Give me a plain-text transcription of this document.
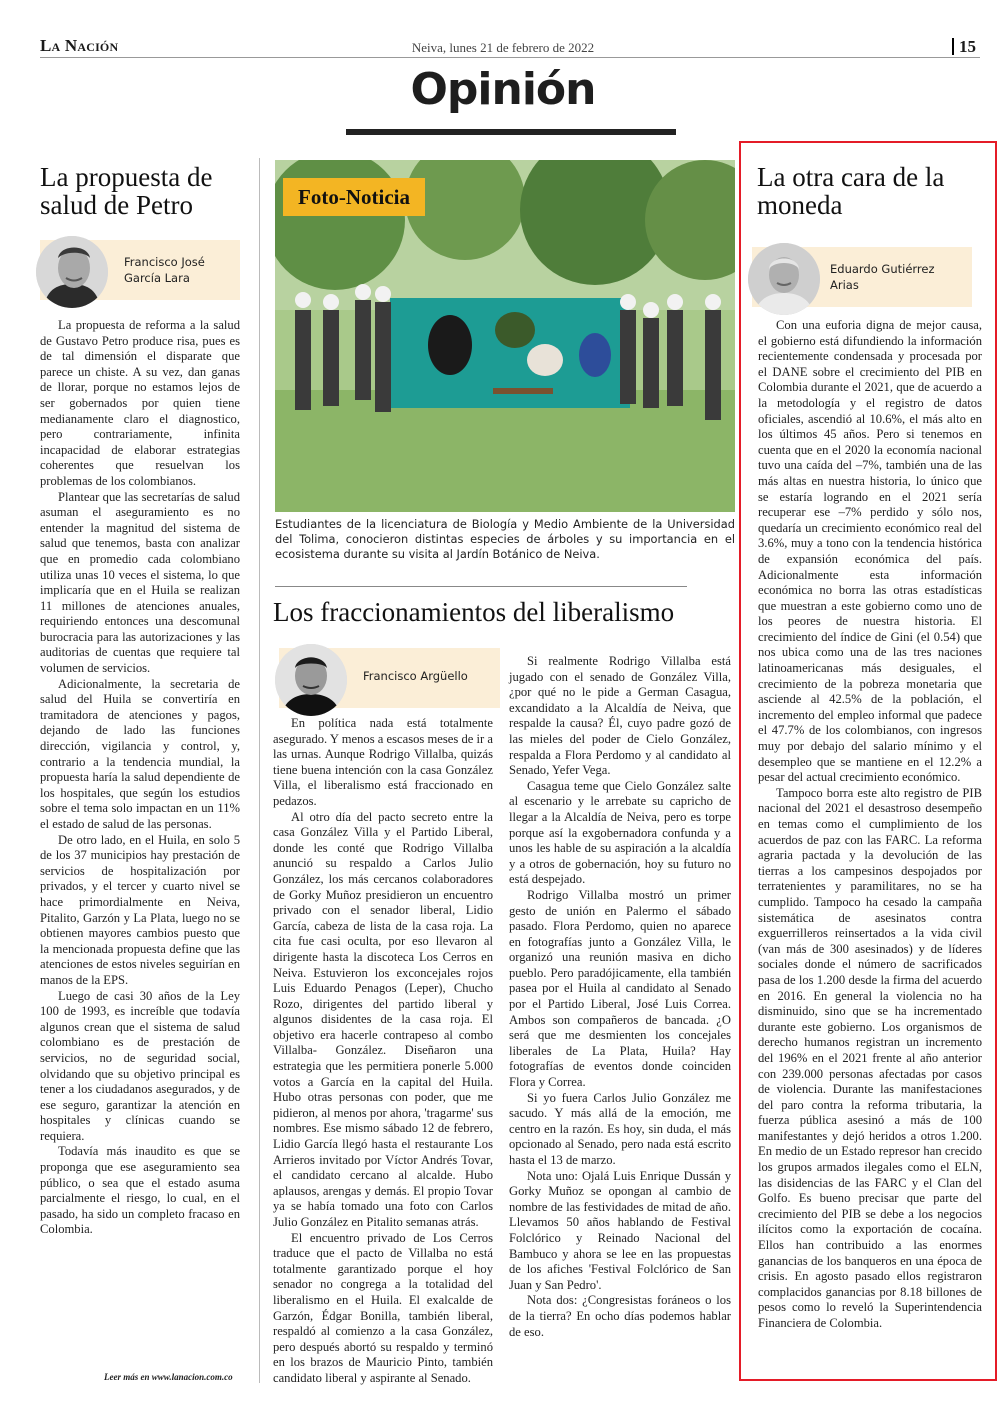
La Nación	Neiva, lunes 21 de febrero de 2022	15
Opinión
La propuesta de salud de Petro
Francisco José García Lara

La propuesta de reforma a la salud de Gustavo Petro produce risa, pues es de tal dimensión el disparate que parece un chiste. A su vez, dan ganas de llorar, porque no estamos lejos de ser gobernados por quien tiene medianamente claro el diagnostico, pero contrariamente, infinita incapacidad de elaborar estrategias coherentes que resuelvan los problemas de los colombianos.

Plantear que las secretarías de salud asuman el aseguramiento es no entender la magnitud del sistema de salud que tenemos, basta con analizar que en promedio cada colombiano utiliza unas 10 veces el sistema, lo que implicaría que en el Huila se realizan 11 millones de atenciones anuales, requiriendo entonces una descomunal burocracia para las autorizaciones y las auditorias de cuentas que requiere tal volumen de servicios.

Adicionalmente, la secretaria de salud del Huila se convertiría en tramitadora de atenciones y pagos, dejando de lado las funciones dirección, vigilancia y control, y, contrario a la tendencia mundial, la propuesta haría la salud dependiente de los hospitales, que según los estudios sobre el tema solo impactan en un 11% el estado de salud de las personas.

De otro lado, en el Huila, en solo 5 de los 37 municipios hay prestación de servicios de hospitalización por privados, y el tercer y cuarto nivel se hace primordialmente en Neiva, Pitalito, Garzón y La Plata, luego no se obtienen mayores cambios puesto que la mencionada propuesta define que las atenciones de estos niveles seguirían en manos de la EPS.

Luego de casi 30 años de la Ley 100 de 1993, es increíble que todavía algunos crean que el sistema de salud colombiano es de prestación de servicios, no de seguridad social, olvidando que su objetivo principal es tener a los ciudadanos asegurados, y de ese seguro, garantizar la atención en hospitales y clínicas cuando se requiera.

Todavía más inaudito es que se proponga que ese aseguramiento sea público, o sea que el estado asuma parcialmente el riesgo, lo cual, en el pasado, ha sido un completo fracaso en Colombia.

Leer más en www.lanacion.com.co
Foto-Noticia
Estudiantes de la licenciatura de Biología y Medio Ambiente de la Universidad del Tolima, conocieron distintas especies de árboles y su importancia en el ecosistema durante su visita al Jardín Botánico de Neiva.
Los fraccionamientos del liberalismo
Francisco Argüello

En política nada está totalmente asegurado. Y menos a escasos meses de ir a las urnas. Aunque Rodrigo Villalba, quizás tiene buena intención con la casa González Villa, el liberalismo está fraccionado en pedazos.

Al otro día del pacto secreto entre la casa González Villa y el Partido Liberal, donde les conté que Rodrigo Villalba anunció su respaldo a Carlos Julio González, los más cercanos colaboradores de Gorky Muñoz presidieron un encuentro privado con el senador liberal, Lidio García, cabeza de lista de la casa roja. La cita fue casi oculta, por eso llevaron al dirigente hasta la discoteca Los Cerros en Neiva. Estuvieron los exconcejales rojos Luis Eduardo Penagos (Leper), Chucho Rozo, dirigentes del partido liberal y algunos disidentes de la casa roja. El objetivo era hacerle contrapeso al combo Villalba- González. Diseñaron una estrategia que les permitiera ponerle 5.000 votos a García en la capital del Huila. Hubo otras personas con poder, que me pidieron, al menos por ahora, 'tragarme' sus nombres. Ese mismo sábado 12 de febrero, Lidio García llegó hasta el restaurante Los Arrieros invitado por Víctor Andrés Tovar, el candidato cercano al alcalde. Hubo aplausos, arengas y demás. El propio Tovar ya se había tomado una foto con Carlos Julio González en Pitalito semanas atrás.

El encuentro privado de Los Cerros traduce que el pacto de Villalba no está totalmente garantizado porque el hoy senador no congrega a la totalidad del liberalismo en el Huila. El exalcalde de Garzón, Édgar Bonilla, también liberal, respaldó al comienzo a la casa González, pero después abortó su respaldo y terminó en los brazos de Mauricio Pinto, también candidato liberal y aspirante al Senado.

Si realmente Rodrigo Villalba está jugado con el senado de González Villa, ¿por qué no le pide a German Casagua, excandidato a la Alcaldía de Neiva, que respalde la causa? Él, cuyo padre gozó de las mieles del poder de Cielo González, respalda a Flora Perdomo y al candidato al Senado, Yefer Vega.

Casagua teme que Cielo González salte al escenario y le arrebate su capricho de llegar a la Alcaldía de Neiva, pero es torpe porque así la exgobernadora confunda y a unos les hable de su aspiración a la alcaldía y a otros de gobernación, hoy su futuro no está despejado.

Rodrigo Villalba mostró un primer gesto de unión en Palermo el sábado pasado. Flora Perdomo, quien no aparece en fotografías junto a González Villa, le organizó una reunión masiva en dicho pueblo. Pero paradójicamente, ella también pasea por el Huila al candidato al Senado por el Partido Liberal, José Luis Correa. Ambos son compañeros de bancada. ¿O será que me desmienten los concejales liberales de La Plata, Huila? Hay fotografías de eventos donde coinciden Flora y Correa.

Si yo fuera Carlos Julio González me sacudo. Y más allá de la emoción, me centro en la razón. Es hoy, sin duda, el más opcionado al Senado, pero nada está escrito hasta el 13 de marzo.

Nota uno: Ojalá Luis Enrique Dussán y Gorky Muñoz se opongan al cambio de nombre de las festividades de mitad de año. Llevamos 50 años hablando de Festival Folclórico y Reinado Nacional del Bambuco y ahora se lee en las propuestas de los afiches 'Festival Folclórico de San Juan y San Pedro'.

Nota dos: ¿Congresistas foráneos o los de la tierra? En ocho días podemos hablar de eso.

La otra cara de la moneda
Eduardo Gutiérrez Arias

Con una euforia digna de mejor causa, el gobierno está difundiendo la información recientemente condensada y procesada por el DANE sobre el crecimiento del PIB en Colombia durante el 2021, que de acuerdo a la metodología y el registro de datos oficiales, ascendió al 10.6%, el más alto en los últimos 45 años. Pero si tenemos en cuenta que en el 2020 la economía nacional tuvo una caída del –7%, también una de las más altas en nuestra historia, lo único que se estaría logrando en el 2021 sería recuperar ese –7% perdido y sólo nos, quedaría un crecimiento económico real del 3.6%, muy a tono con la tendencia histórica de expansión económica del país. Adicionalmente esta información económica no borra las otras estadísticas que muestran a este gobierno como uno de los peores de nuestra historia. El crecimiento del índice de Gini (el 0.54) que nos ubica como una de las tres naciones latinoamericanas más desiguales, el crecimiento de la pobreza monetaria que asciende al 42.5% de la población, el incremento del empleo informal que padece el 47.7% de los colombianos, con ingresos muy por debajo del salario mínimo y el desempleo que se mantiene en el 12.2% a pesar del actual crecimiento económico.

Tampoco borra este alto registro de PIB nacional del 2021 el desastroso desempeño en temas como el cumplimiento de los acuerdos de paz con las FARC. La reforma agraria pactada y la devolución de las tierras a los campesinos despojados por terratenientes y paramilitares, no se ha cumplido. Tampoco ha cesado la campaña sistemática de asesinatos contra exguerrilleros reinsertados a la vida civil (van más de 300 asesinados) y de líderes sociales donde el número de sacrificados pasa de los 1.200 desde la firma del acuerdo en 2016. En general la violencia no ha disminuido, sino que se ha incrementado durante este gobierno. Los organismos de derecho humanos registran un incremento del 196% en el 2021 frente al año anterior con 239.000 personas afectadas por casos de violencia. Durante las manifestaciones del paro contra la reforma tributaria, la fuerza pública asesinó a más de 100 manifestantes y dejó heridos a otros 1.200. En medio de un Estado represor han crecido los grupos armados ilegales como el ELN, las disidencias de las FARC y el Clan del Golfo. Es bueno precisar que parte del crecimiento del PIB se debe a los negocios ilícitos como la exportación de cocaína. Ellos han contribuido a las enormes ganancias de los banqueros en una época de crisis. En agosto pasado ellos registraron complacidos ganancias por 8.18 billones de pesos como lo reveló la Superintendencia Financiera de Colombia.
